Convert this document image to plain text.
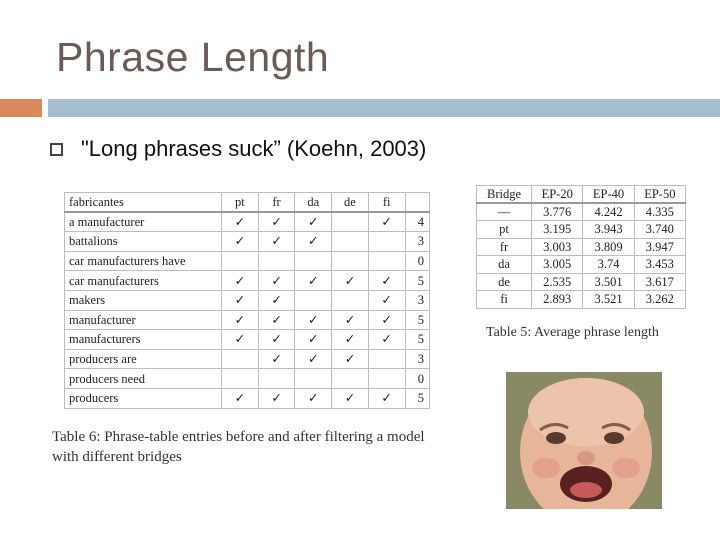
Phrase Length
"Long phrases suck” (Koehn, 2003)
fabricantes	pt	fr	da	de	fi	
a manufacturer	✓	✓	✓		✓	4
battalions	✓	✓	✓			3
car manufacturers have						0
car manufacturers	✓	✓	✓	✓	✓	5
makers	✓	✓			✓	3
manufacturer	✓	✓	✓	✓	✓	5
manufacturers	✓	✓	✓	✓	✓	5
producers are		✓	✓	✓		3
producers need						0
producers	✓	✓	✓	✓	✓	5
Table 6: Phrase-table entries before and after filtering a model with different bridges
Bridge	EP-20	EP-40	EP-50
—	3.776	4.242	4.335
pt	3.195	3.943	3.740
fr	3.003	3.809	3.947
da	3.005	3.74	3.453
de	2.535	3.501	3.617
fi	2.893	3.521	3.262
Table 5: Average phrase length
